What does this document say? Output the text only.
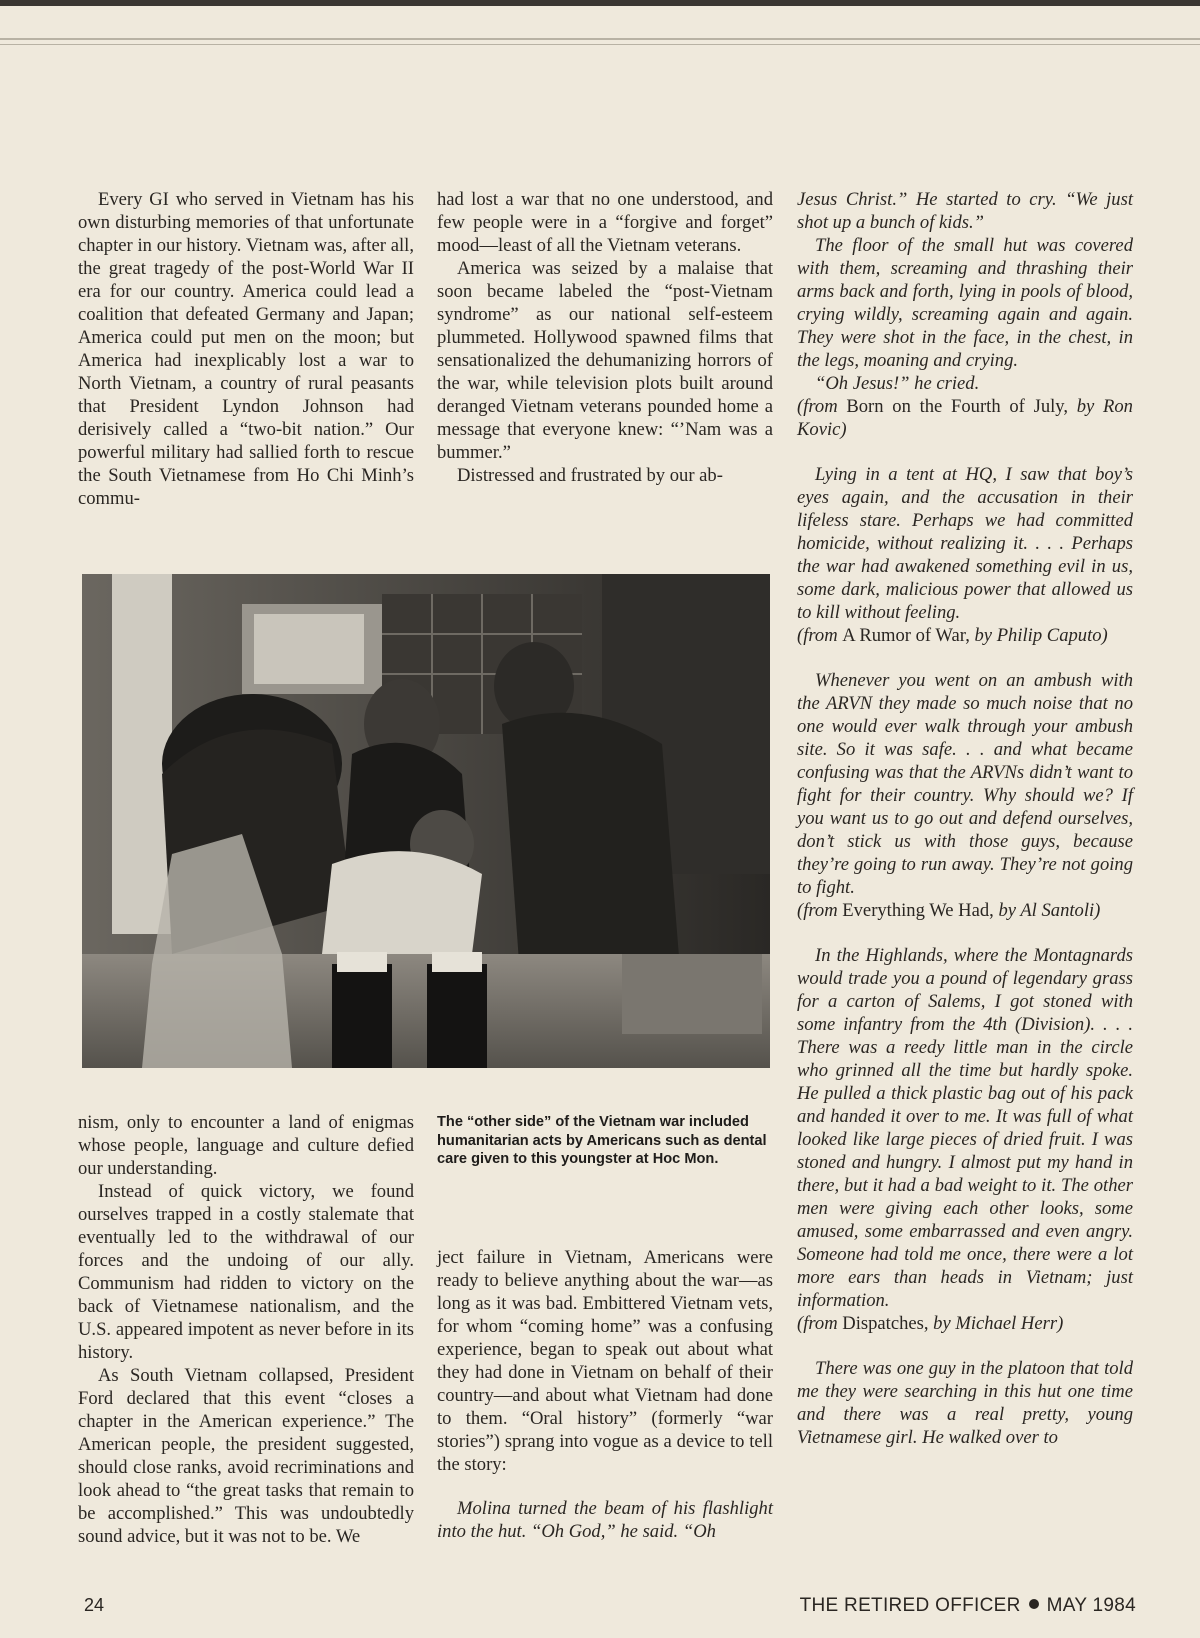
Every GI who served in Vietnam has his own disturbing memories of that unfortunate chapter in our history. Vietnam was, after all, the great tragedy of the post-World War II era for our country. America could lead a coalition that defeated Germany and Japan; America could put men on the moon; but America had inexplicably lost a war to North Vietnam, a country of rural peasants that President Lyndon Johnson had derisively called a “two-bit nation.” Our powerful military had sallied forth to rescue the South Vietnamese from Ho Chi Minh’s commu-

had lost a war that no one understood, and few people were in a “forgive and forget” mood—least of all the Vietnam veterans.

America was seized by a malaise that soon became labeled the “post-Vietnam syndrome” as our national self-esteem plummeted. Hollywood spawned films that sensationalized the dehumanizing horrors of the war, while television plots built around deranged Vietnam veterans pounded home a message that everyone knew: “’Nam was a bummer.”

Distressed and frustrated by our ab-

The “other side” of the Vietnam war included humanitarian acts by Americans such as dental care given to this youngster at Hoc Mon.

nism, only to encounter a land of enigmas whose people, language and culture defied our understanding.

Instead of quick victory, we found ourselves trapped in a costly stalemate that eventually led to the withdrawal of our forces and the undoing of our ally. Communism had ridden to victory on the back of Vietnamese nationalism, and the U.S. appeared impotent as never before in its history.

As South Vietnam collapsed, President Ford declared that this event “closes a chapter in the American experience.” The American people, the president suggested, should close ranks, avoid recriminations and look ahead to “the great tasks that remain to be accomplished.” This was undoubtedly sound advice, but it was not to be. We

ject failure in Vietnam, Americans were ready to believe anything about the war—as long as it was bad. Embittered Vietnam vets, for whom “coming home” was a confusing experience, began to speak out about what they had done in Vietnam on behalf of their country—and about what Vietnam had done to them. “Oral history” (formerly “war stories”) sprang into vogue as a device to tell the story:

Molina turned the beam of his flashlight into the hut. “Oh God,” he said. “Oh

Jesus Christ.” He started to cry. “We just shot up a bunch of kids.”

The floor of the small hut was covered with them, screaming and thrashing their arms back and forth, lying in pools of blood, crying wildly, screaming again and again. They were shot in the face, in the chest, in the legs, moaning and crying.

“Oh Jesus!” he cried.

(from Born on the Fourth of July, by Ron Kovic)

Lying in a tent at HQ, I saw that boy’s eyes again, and the accusation in their lifeless stare. Perhaps we had committed homicide, without realizing it. . . . Perhaps the war had awakened something evil in us, some dark, malicious power that allowed us to kill without feeling.

(from A Rumor of War, by Philip Caputo)

Whenever you went on an ambush with the ARVN they made so much noise that no one would ever walk through your ambush site. So it was safe. . . and what became confusing was that the ARVNs didn’t want to fight for their country. Why should we? If you want us to go out and defend ourselves, don’t stick us with those guys, because they’re going to run away. They’re not going to fight.

(from Everything We Had, by Al Santoli)

In the Highlands, where the Montagnards would trade you a pound of legendary grass for a carton of Salems, I got stoned with some infantry from the 4th (Division). . . . There was a reedy little man in the circle who grinned all the time but hardly spoke. He pulled a thick plastic bag out of his pack and handed it over to me. It was full of what looked like large pieces of dried fruit. I was stoned and hungry. I almost put my hand in there, but it had a bad weight to it. The other men were giving each other looks, some amused, some embarrassed and even angry. Someone had told me once, there were a lot more ears than heads in Vietnam; just information.

(from Dispatches, by Michael Herr)

There was one guy in the platoon that told me they were searching in this hut one time and there was a real pretty, young Vietnamese girl. He walked over to

24	THE RETIRED OFFICER MAY 1984
